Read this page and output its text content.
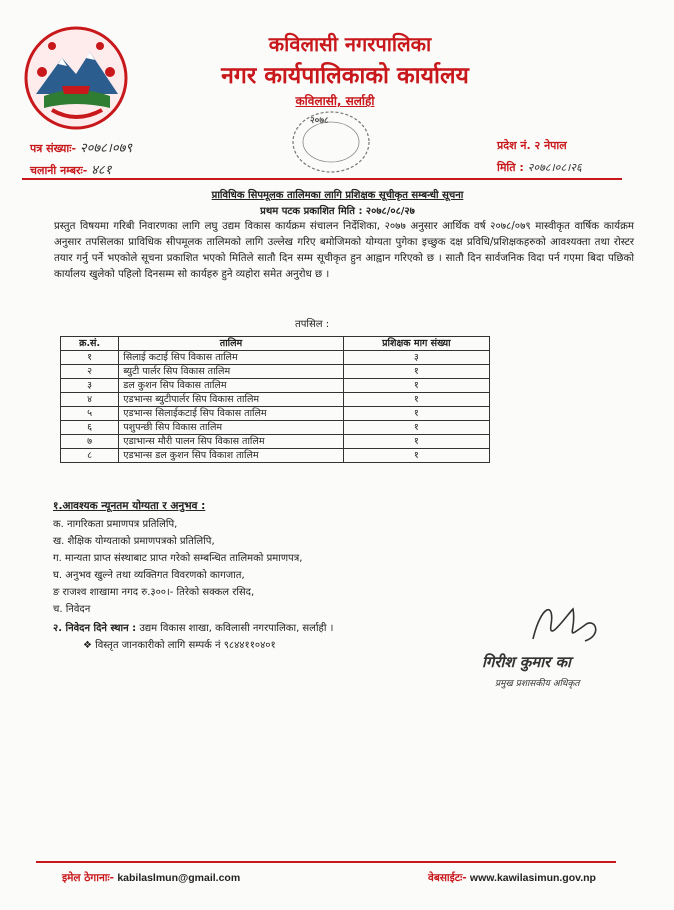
कविलासी नगरपालिका
नगर कार्यपालिकाको कार्यालय
कविलासी, सर्लाही
२०७८
पत्र संख्याः- २०७८।०७९
चलानी नम्बरः- ४८१
प्रदेश नं. २ नेपाल
मिति : २०७८।०८।२६
प्राविधिक सिपमूलक तालिमका लागि प्रशिक्षक सूचीकृत सम्बन्धी सूचना
प्रथम पटक प्रकाशित मिति : २०७८/०८/२७
प्रस्तुत विषयमा गरिबी निवारणका लागि लघु उद्यम विकास कार्यक्रम संचालन निर्देशिका, २०७७ अनुसार आर्थिक वर्ष २०७८/०७९ मास्वीकृत वार्षिक कार्यक्रम अनुसार तपसिलका प्राविधिक सीपमूलक तालिमको लागि उल्लेख गरिए बमोजिमको योग्यता पुगेका इच्छुक दक्ष प्रविधि/प्रशिक्षकहरुको आवश्यक्ता तथा रोस्टर तयार गर्नु पर्ने भएकोले सूचना प्रकाशित भएको मितिले सातौ दिन सम्म सूचीकृत हुन आह्वान गरिएको छ । सातौ दिन सार्वजनिक विदा पर्न गएमा बिदा पछिको कार्यालय खुलेको पहिलो दिनसम्म सो कार्यहरु हुने व्यहोरा समेत अनुरोध छ ।
तपसिल :
क्र.सं.	तालिम	प्रशिक्षक माग संख्या
१	सिलाई कटाई सिप विकास तालिम	३
२	ब्युटी पार्लर सिप विकास तालिम	१
३	डल कुशन सिप विकास तालिम	१
४	एडभान्स ब्युटीपार्लर सिप विकास तालिम	१
५	एडभान्स सिलाईकटाई सिप विकास तालिम	१
६	पशुपन्छी सिप विकास तालिम	१
७	एडाभान्स मौरी पालन सिप विकास तालिम	१
८	एडभान्स डल कुशन सिप विकाश तालिम	१
१.आवश्यक न्यूनतम योग्यता र अनुभव :
क. नागरिकता प्रमाणपत्र प्रतिलिपि,
ख. शैक्षिक योग्यताको प्रमाणपत्रको प्रतिलिपि,
ग. मान्यता प्राप्त संस्थाबाट प्राप्त गरेको सम्बन्धित तालिमको प्रमाणपत्र,
घ. अनुभव खुल्ने तथा व्यक्तिगत विवरणको कागजात,
ङ राजश्व शाखामा नगद रु.३००।- तिरेको सक्कल रसिद,
च. निवेदन
२. निवेदन दिने स्थान : उद्यम विकास शाखा, कविलासी नगरपालिका, सर्लाही ।
❖ विस्तृत जानकारीको लागि सम्पर्क नं ९८४४११०४०१
गिरीश कुमार का
प्रमुख प्रशासकीय अधिकृत
इमेल ठेगानाः- kabilaslmun@gmail.com	वेबसाईटः- www.kawilasimun.gov.np
